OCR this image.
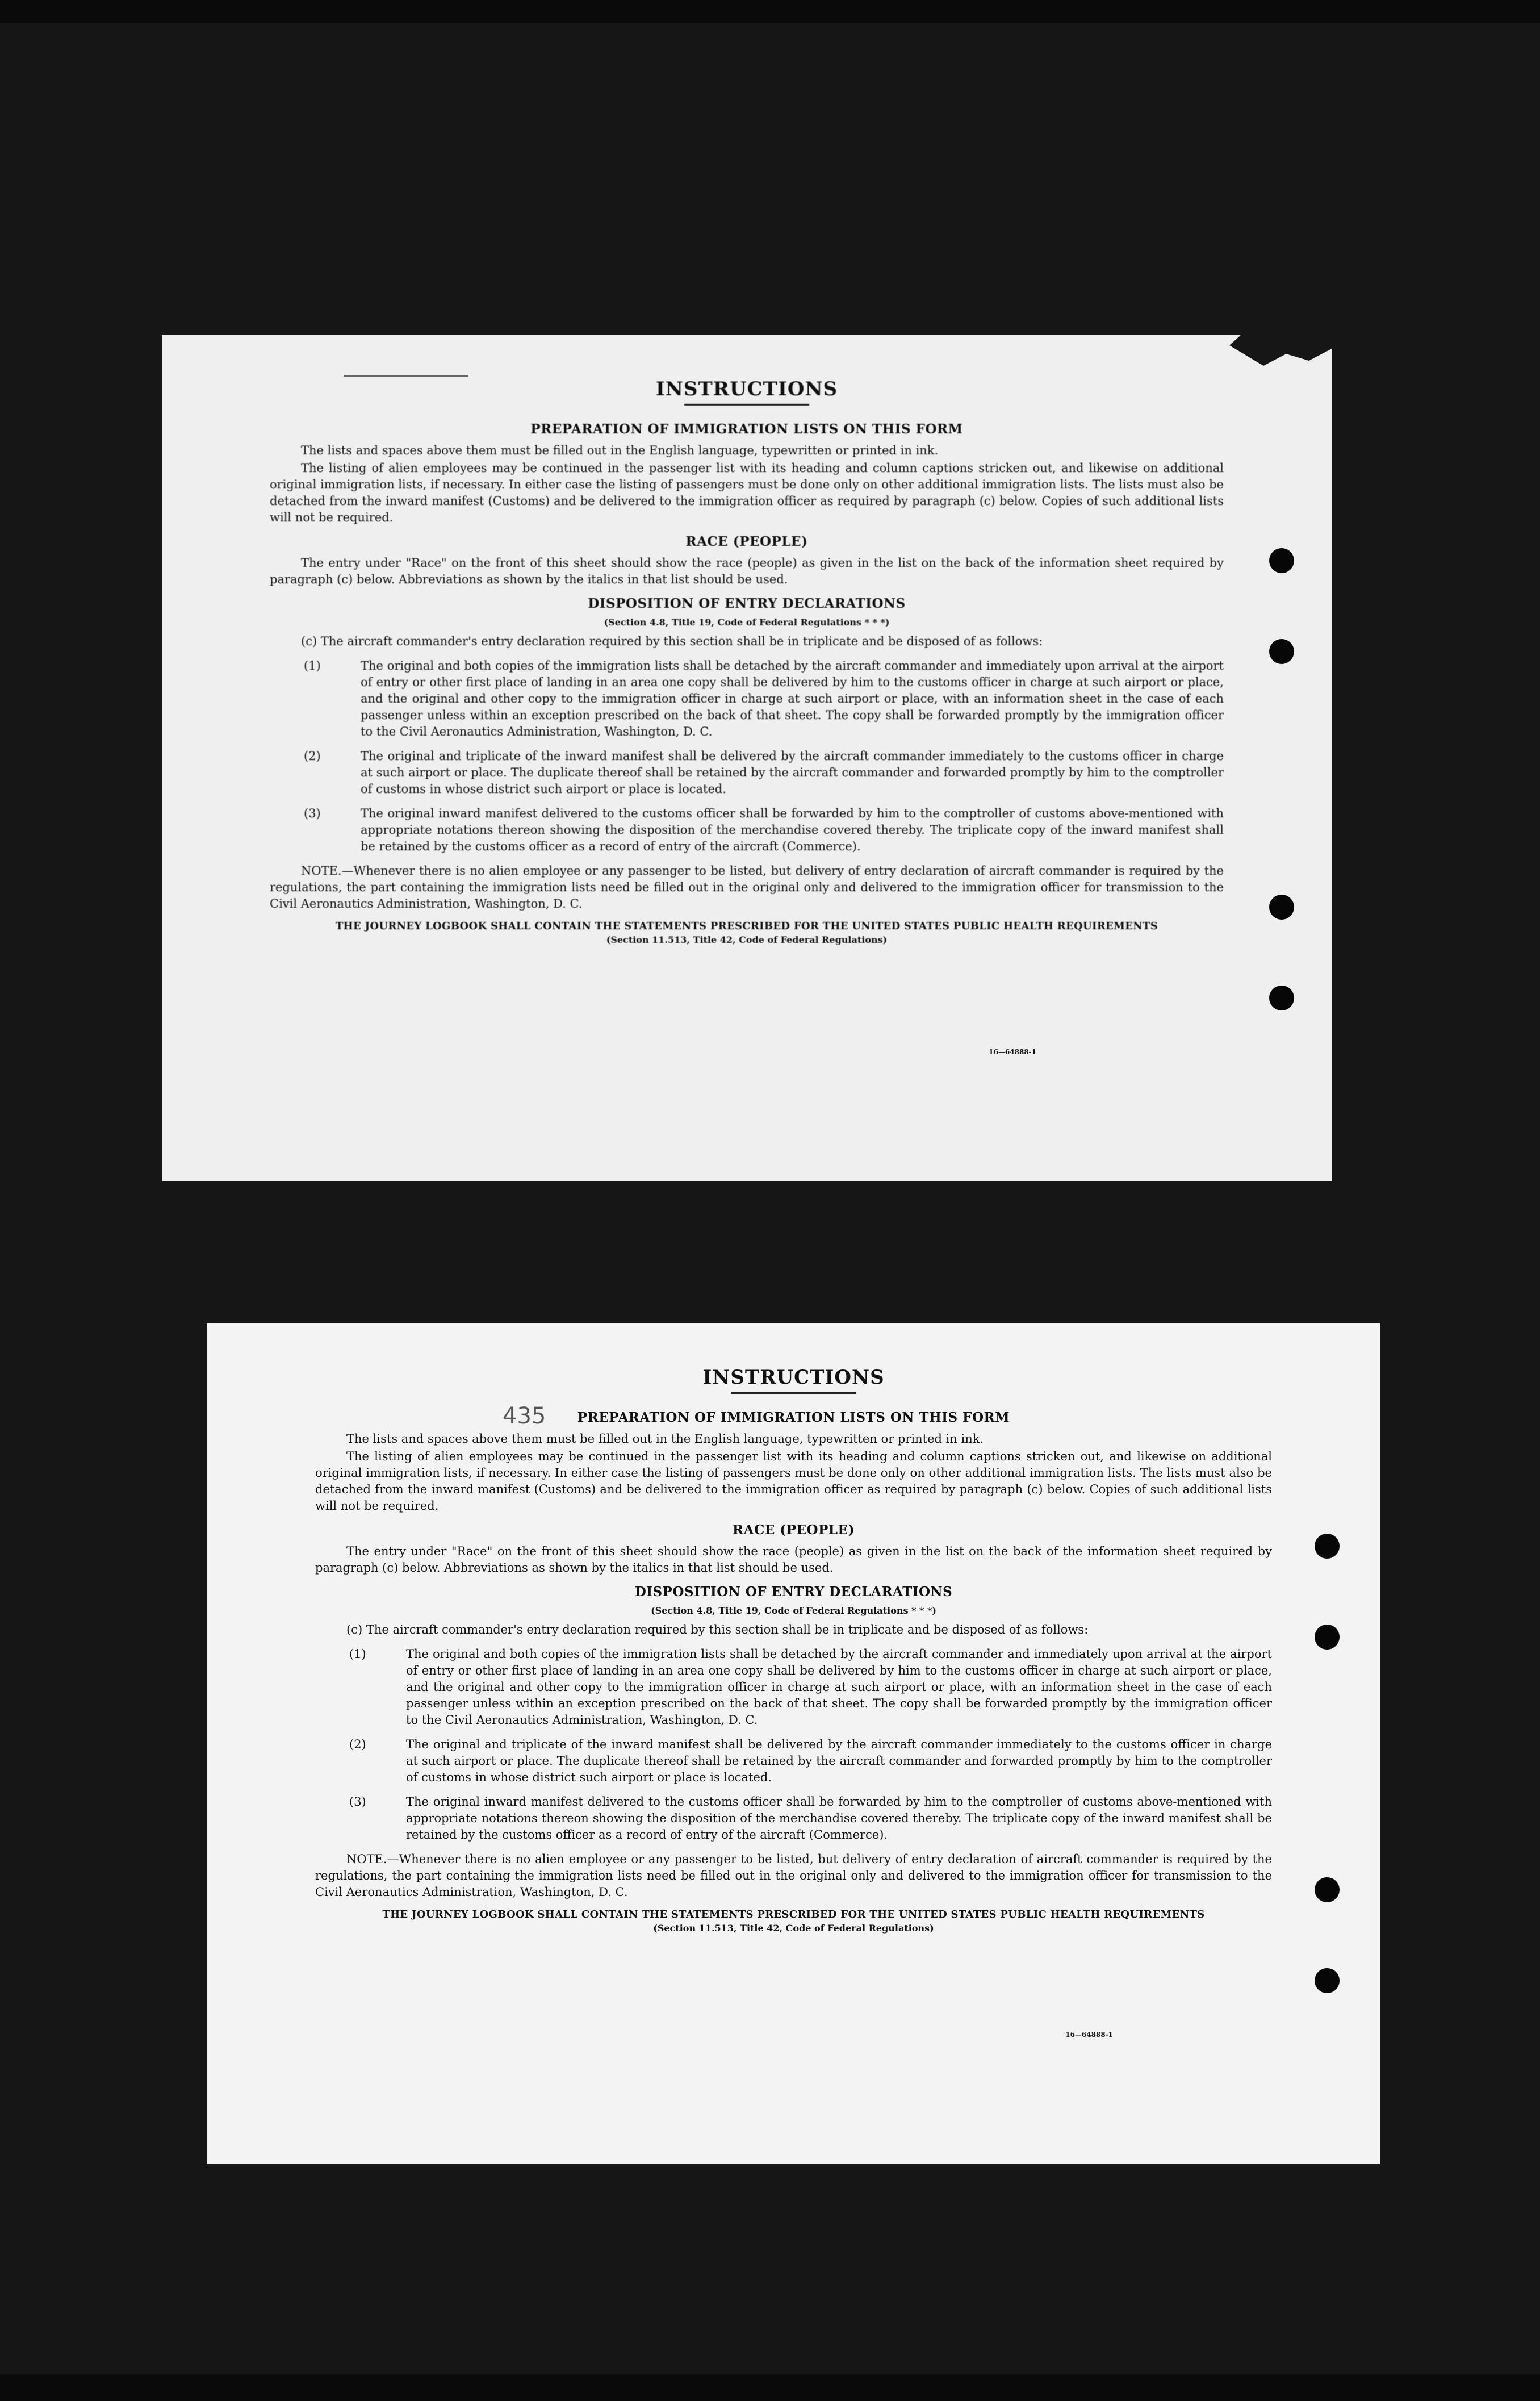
INSTRUCTIONS
PREPARATION OF IMMIGRATION LISTS ON THIS FORM
The lists and spaces above them must be filled out in the English language, typewritten or printed in ink.
The listing of alien employees may be continued in the passenger list with its heading and column captions stricken out, and likewise on additional original immigration lists, if necessary. In either case the listing of passengers must be done only on other additional immigration lists. The lists must also be detached from the inward manifest (Customs) and be delivered to the immigration officer as required by paragraph (c) below. Copies of such additional lists will not be required.
RACE (PEOPLE)
The entry under "Race" on the front of this sheet should show the race (people) as given in the list on the back of the information sheet required by paragraph (c) below. Abbreviations as shown by the italics in that list should be used.
DISPOSITION OF ENTRY DECLARATIONS
(Section 4.8, Title 19, Code of Federal Regulations * * *)
(c) The aircraft commander's entry declaration required by this section shall be in triplicate and be disposed of as follows:
(1)	The original and both copies of the immigration lists shall be detached by the aircraft commander and immediately upon arrival at the airport of entry or other first place of landing in an area one copy shall be delivered by him to the customs officer in charge at such airport or place, and the original and other copy to the immigration officer in charge at such airport or place, with an information sheet in the case of each passenger unless within an exception prescribed on the back of that sheet. The copy shall be forwarded promptly by the immigration officer to the Civil Aeronautics Administration, Washington, D. C.
(2)	The original and triplicate of the inward manifest shall be delivered by the aircraft commander immediately to the customs officer in charge at such airport or place. The duplicate thereof shall be retained by the aircraft commander and forwarded promptly by him to the comptroller of customs in whose district such airport or place is located.
(3)	The original inward manifest delivered to the customs officer shall be forwarded by him to the comptroller of customs above-mentioned with appropriate notations thereon showing the disposition of the merchandise covered thereby. The triplicate copy of the inward manifest shall be retained by the customs officer as a record of entry of the aircraft (Commerce).
NOTE.—Whenever there is no alien employee or any passenger to be listed, but delivery of entry declaration of aircraft commander is required by the regulations, the part containing the immigration lists need be filled out in the original only and delivered to the immigration officer for transmission to the Civil Aeronautics Administration, Washington, D. C.
THE JOURNEY LOGBOOK SHALL CONTAIN THE STATEMENTS PRESCRIBED FOR THE UNITED STATES PUBLIC HEALTH REQUIREMENTS
(Section 11.513, Title 42, Code of Federal Regulations)
16—64888-1
435
INSTRUCTIONS
PREPARATION OF IMMIGRATION LISTS ON THIS FORM
The lists and spaces above them must be filled out in the English language, typewritten or printed in ink.
The listing of alien employees may be continued in the passenger list with its heading and column captions stricken out, and likewise on additional original immigration lists, if necessary. In either case the listing of passengers must be done only on other additional immigration lists. The lists must also be detached from the inward manifest (Customs) and be delivered to the immigration officer as required by paragraph (c) below. Copies of such additional lists will not be required.
RACE (PEOPLE)
The entry under "Race" on the front of this sheet should show the race (people) as given in the list on the back of the information sheet required by paragraph (c) below. Abbreviations as shown by the italics in that list should be used.
DISPOSITION OF ENTRY DECLARATIONS
(Section 4.8, Title 19, Code of Federal Regulations * * *)
(c) The aircraft commander's entry declaration required by this section shall be in triplicate and be disposed of as follows:
(1)	The original and both copies of the immigration lists shall be detached by the aircraft commander and immediately upon arrival at the airport of entry or other first place of landing in an area one copy shall be delivered by him to the customs officer in charge at such airport or place, and the original and other copy to the immigration officer in charge at such airport or place, with an information sheet in the case of each passenger unless within an exception prescribed on the back of that sheet. The copy shall be forwarded promptly by the immigration officer to the Civil Aeronautics Administration, Washington, D. C.
(2)	The original and triplicate of the inward manifest shall be delivered by the aircraft commander immediately to the customs officer in charge at such airport or place. The duplicate thereof shall be retained by the aircraft commander and forwarded promptly by him to the comptroller of customs in whose district such airport or place is located.
(3)	The original inward manifest delivered to the customs officer shall be forwarded by him to the comptroller of customs above-mentioned with appropriate notations thereon showing the disposition of the merchandise covered thereby. The triplicate copy of the inward manifest shall be retained by the customs officer as a record of entry of the aircraft (Commerce).
NOTE.—Whenever there is no alien employee or any passenger to be listed, but delivery of entry declaration of aircraft commander is required by the regulations, the part containing the immigration lists need be filled out in the original only and delivered to the immigration officer for transmission to the Civil Aeronautics Administration, Washington, D. C.
THE JOURNEY LOGBOOK SHALL CONTAIN THE STATEMENTS PRESCRIBED FOR THE UNITED STATES PUBLIC HEALTH REQUIREMENTS
(Section 11.513, Title 42, Code of Federal Regulations)
16—64888-1
